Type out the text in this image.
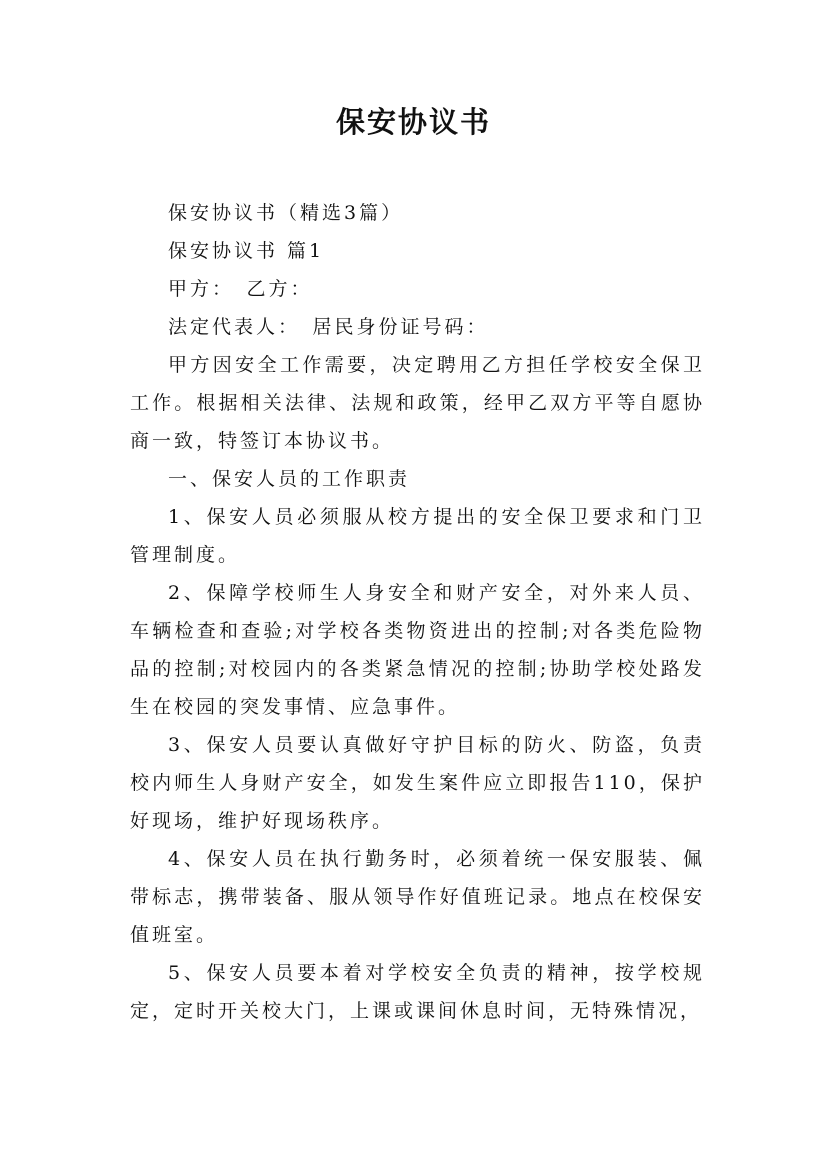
保安协议书

保安协议书（精选3篇）

保安协议书 篇1

甲方：　乙方：

法定代表人：　居民身份证号码：

甲方因安全工作需要，决定聘用乙方担任学校安全保卫工作。根据相关法律、法规和政策，经甲乙双方平等自愿协商一致，特签订本协议书。

一、保安人员的工作职责

1、保安人员必须服从校方提出的安全保卫要求和门卫管理制度。

2、保障学校师生人身安全和财产安全，对外来人员、车辆检查和查验;对学校各类物资进出的控制;对各类危险物品的控制;对校园内的各类紧急情况的控制;协助学校处路发生在校园的突发事情、应急事件。

3、保安人员要认真做好守护目标的防火、防盗，负责校内师生人身财产安全，如发生案件应立即报告110，保护好现场，维护好现场秩序。

4、保安人员在执行勤务时，必须着统一保安服装、佩带标志，携带装备、服从领导作好值班记录。地点在校保安值班室。

5、保安人员要本着对学校安全负责的精神，按学校规定，定时开关校大门，上课或课间休息时间，无特殊情况，
